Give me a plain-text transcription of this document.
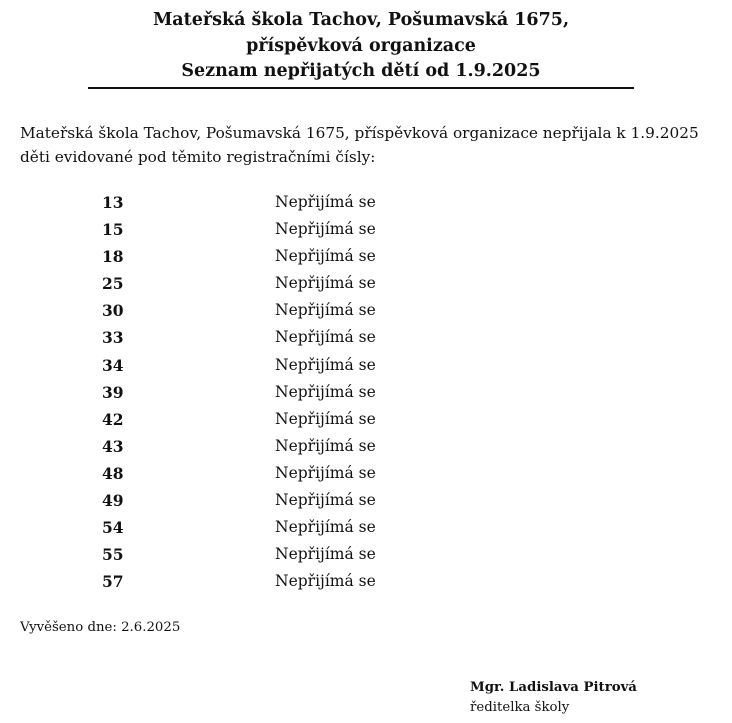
Mateřská škola Tachov, Pošumavská 1675,
příspěvková organizace
Seznam nepřijatých dětí od 1.9.2025
Mateřská škola Tachov, Pošumavská 1675, příspěvková organizace nepřijala k 1.9.2025 děti evidované pod těmito registračními čísly:
13	Nepřijímá se
15	Nepřijímá se
18	Nepřijímá se
25	Nepřijímá se
30	Nepřijímá se
33	Nepřijímá se
34	Nepřijímá se
39	Nepřijímá se
42	Nepřijímá se
43	Nepřijímá se
48	Nepřijímá se
49	Nepřijímá se
54	Nepřijímá se
55	Nepřijímá se
57	Nepřijímá se
Vyvěšeno dne: 2.6.2025
Mgr. Ladislava Pitrová
ředitelka školy
